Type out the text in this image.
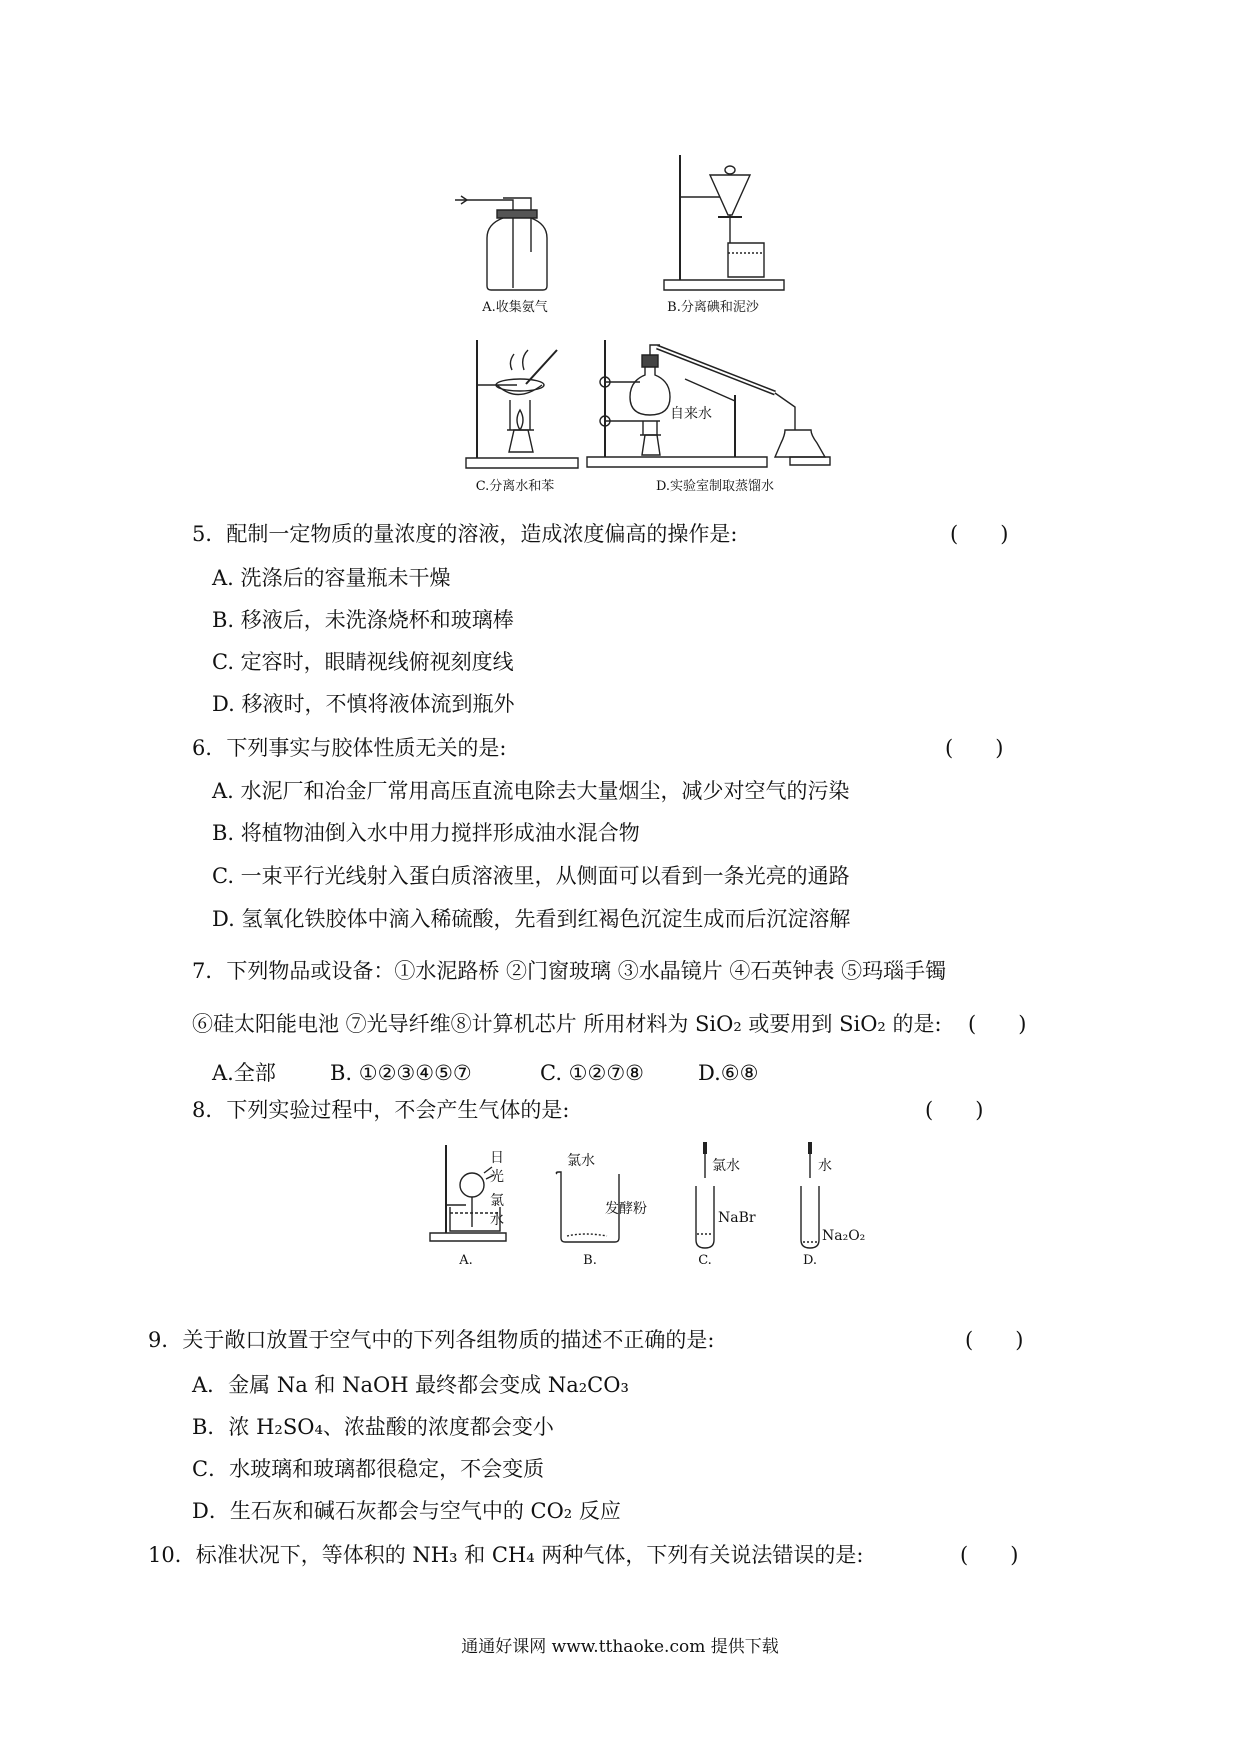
A.收集氨气	B.分离碘和泥沙
C.分离水和苯
自来水
D.实验室制取蒸馏水
5．配制一定物质的量浓度的溶液，造成浓度偏高的操作是:	(　　)
A. 洗涤后的容量瓶未干燥
B. 移液后，未洗涤烧杯和玻璃棒
C. 定容时，眼睛视线俯视刻度线
D. 移液时，不慎将液体流到瓶外
6．下列事实与胶体性质无关的是:	(　　)
A. 水泥厂和冶金厂常用高压直流电除去大量烟尘，减少对空气的污染
B. 将植物油倒入水中用力搅拌形成油水混合物
C. 一束平行光线射入蛋白质溶液里，从侧面可以看到一条光亮的通路
D. 氢氧化铁胶体中滴入稀硫酸，先看到红褐色沉淀生成而后沉淀溶解
7．下列物品或设备：①水泥路桥 ②门窗玻璃 ③水晶镜片 ④石英钟表 ⑤玛瑙手镯
⑥硅太阳能电池 ⑦光导纤维⑧计算机芯片 所用材料为 SiO₂ 或要用到 SiO₂ 的是: (　　)
A.全部	B. ①②③④⑤⑦	C. ①②⑦⑧	D.⑥⑧
8．下列实验过程中，不会产生气体的是:	(　　)
日
光
氯
水
A.
氯水
发酵粉
B.
氯水
NaBr
C.
水
Na₂O₂
D.
9．关于敞口放置于空气中的下列各组物质的描述不正确的是:	(　　)
A．金属 Na 和 NaOH 最终都会变成 Na₂CO₃
B．浓 H₂SO₄、浓盐酸的浓度都会变小
C．水玻璃和玻璃都很稳定，不会变质
D．生石灰和碱石灰都会与空气中的 CO₂ 反应
10．标准状况下，等体积的 NH₃ 和 CH₄ 两种气体，下列有关说法错误的是:	(　　)
通通好课网 www.tthaoke.com 提供下载
